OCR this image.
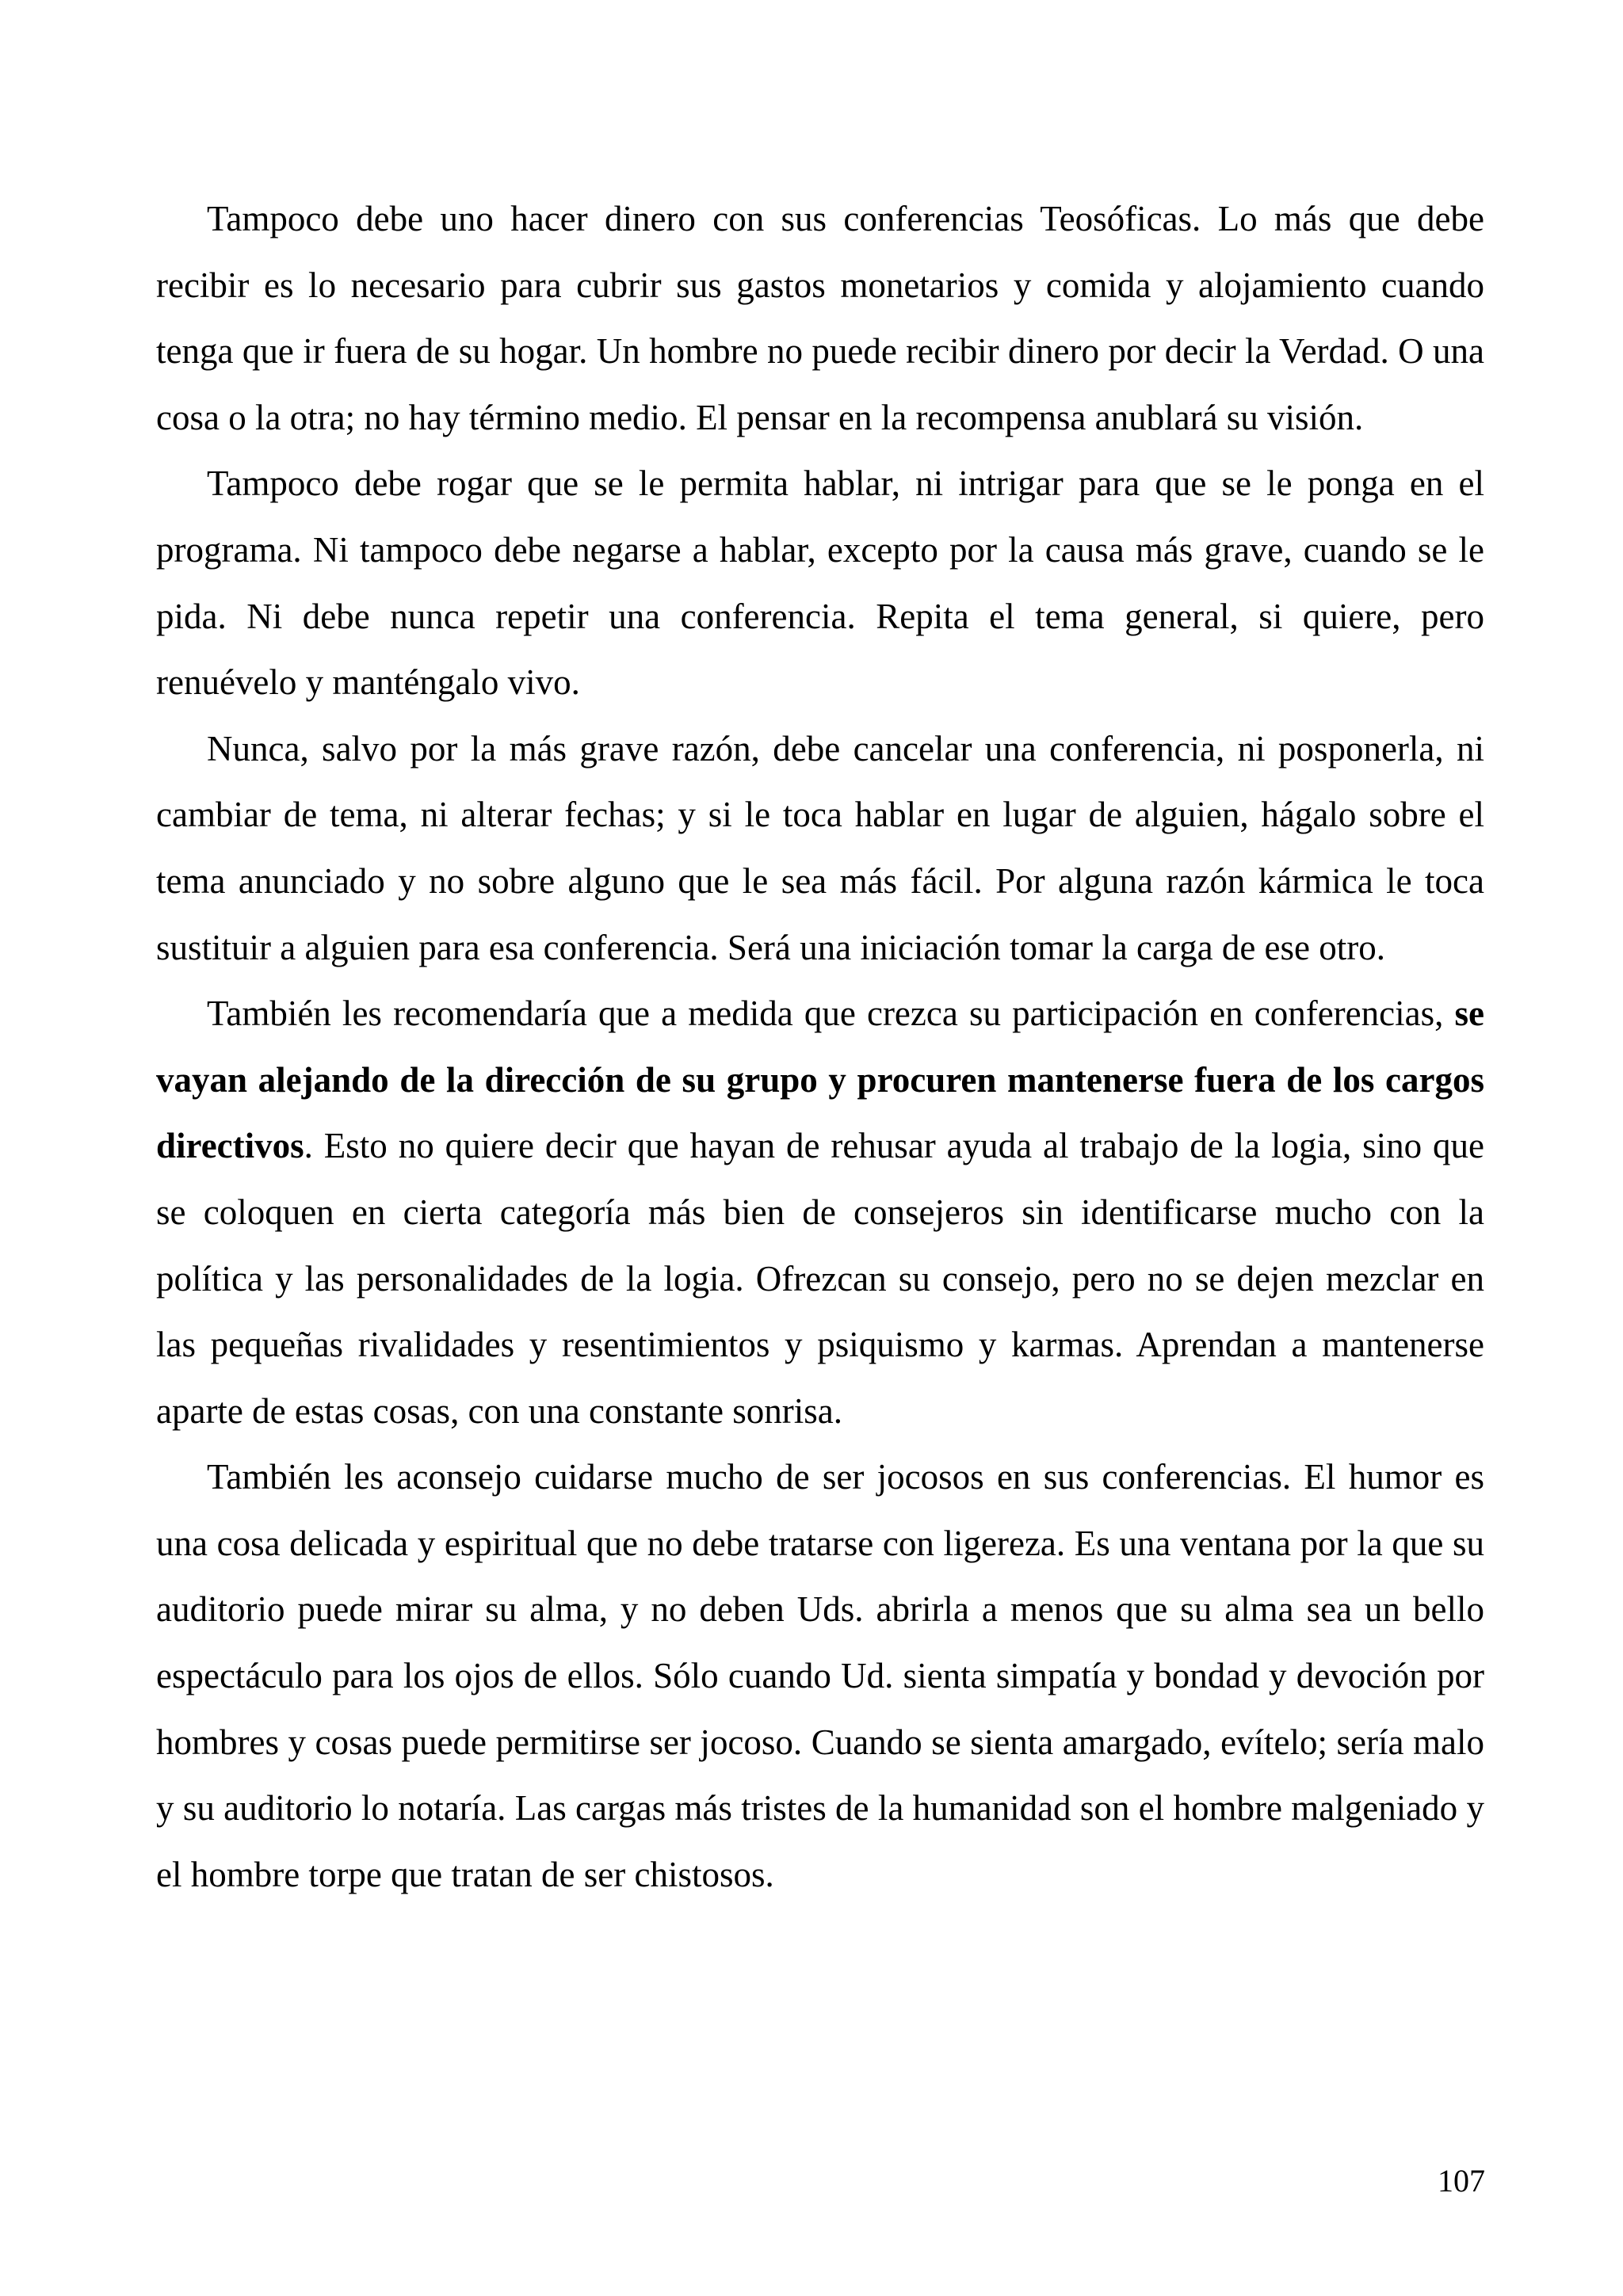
Tampoco debe uno hacer dinero con sus conferencias Teosóficas. Lo más que debe recibir es lo necesario para cubrir sus gastos monetarios y comida y alojamiento cuando tenga que ir fuera de su hogar. Un hombre no puede recibir dinero por decir la Verdad. O una cosa o la otra; no hay término medio. El pensar en la recompensa anublará su visión.

Tampoco debe rogar que se le permita hablar, ni intrigar para que se le ponga en el programa. Ni tampoco debe negarse a hablar, excepto por la causa más grave, cuando se le pida. Ni debe nunca repetir una conferencia. Repita el tema general, si quiere, pero renuévelo y manténgalo vivo.

Nunca, salvo por la más grave razón, debe cancelar una conferencia, ni posponerla, ni cambiar de tema, ni alterar fechas; y si le toca hablar en lugar de alguien, hágalo sobre el tema anunciado y no sobre alguno que le sea más fácil. Por alguna razón kármica le toca sustituir a alguien para esa conferencia. Será una iniciación tomar la carga de ese otro.

También les recomendaría que a medida que crezca su participación en conferencias, se vayan alejando de la dirección de su grupo y procuren mantenerse fuera de los cargos directivos. Esto no quiere decir que hayan de rehusar ayuda al trabajo de la logia, sino que se coloquen en cierta categoría más bien de consejeros sin identificarse mucho con la política y las personalidades de la logia. Ofrezcan su consejo, pero no se dejen mezclar en las pequeñas rivalidades y resentimientos y psiquismo y karmas. Aprendan a mantenerse aparte de estas cosas, con una constante sonrisa.

También les aconsejo cuidarse mucho de ser jocosos en sus conferencias. El humor es una cosa delicada y espiritual que no debe tratarse con ligereza. Es una ventana por la que su auditorio puede mirar su alma, y no deben Uds. abrirla a menos que su alma sea un bello espectáculo para los ojos de ellos. Sólo cuando Ud. sienta simpatía y bondad y devoción por hombres y cosas puede permitirse ser jocoso. Cuando se sienta amargado, evítelo; sería malo y su auditorio lo notaría. Las cargas más tristes de la humanidad son el hombre malgeniado y el hombre torpe que tratan de ser chistosos.

107
